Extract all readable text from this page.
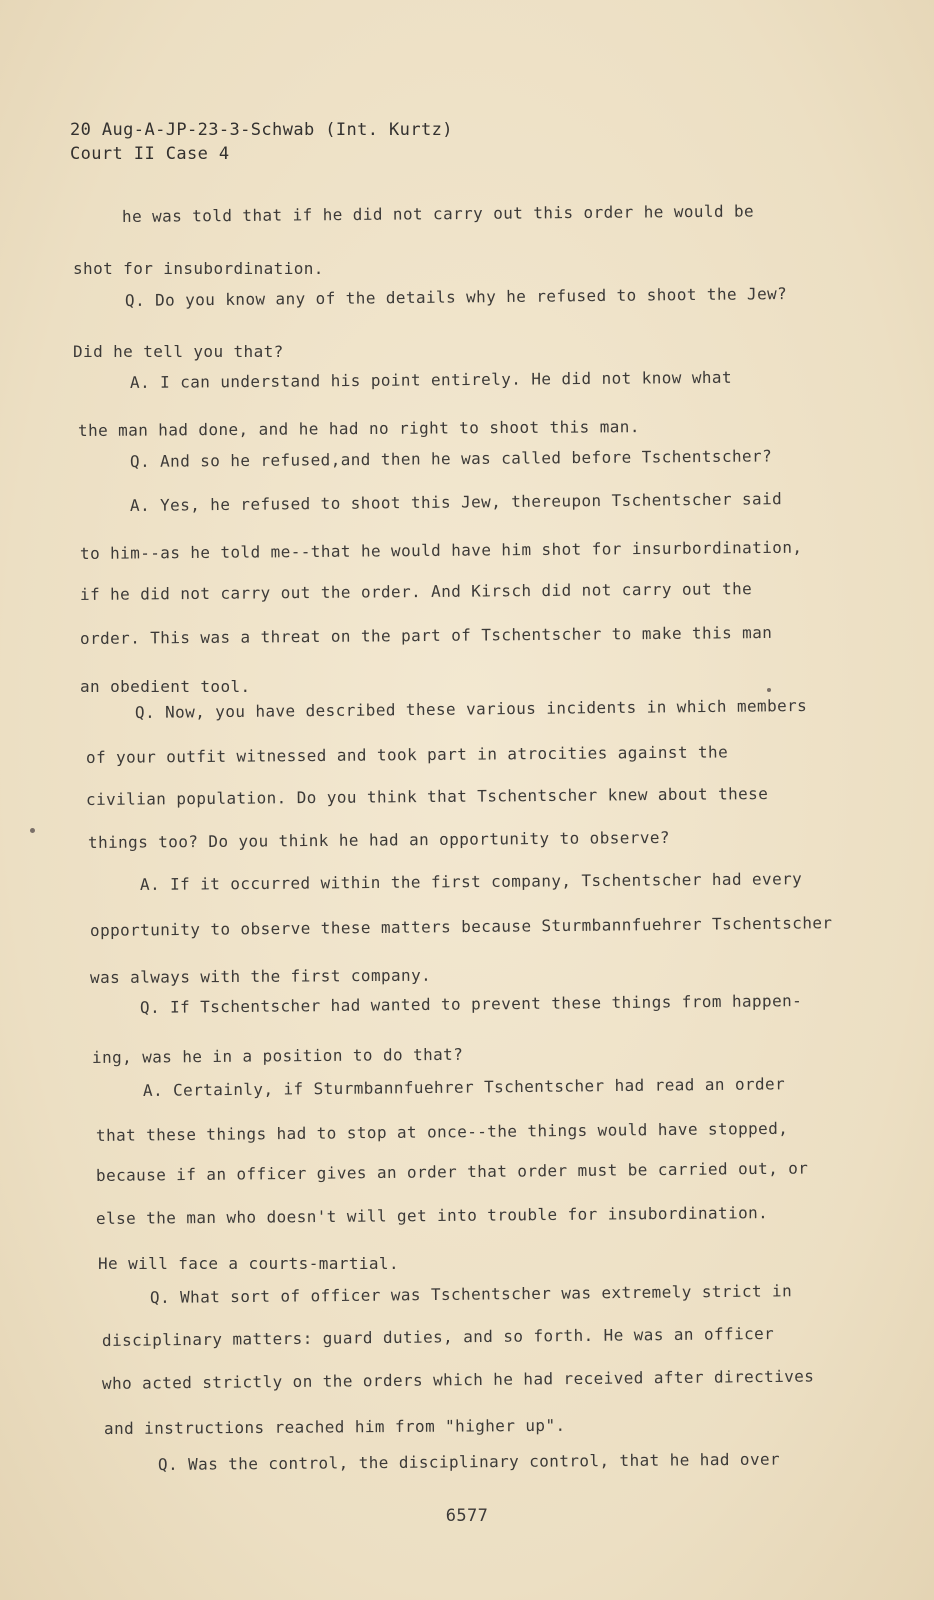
20 Aug-A-JP-23-3-Schwab (Int. Kurtz)
Court II Case 4
he was told that if he did not carry out this order he would be
shot for insubordination.
Q. Do you know any of the details why he refused to shoot the Jew?
Did he tell you that?
A. I can understand his point entirely. He did not know what
the man had done, and he had no right to shoot this man.
Q. And so he refused,and then he was called before Tschentscher?
A. Yes, he refused to shoot this Jew, thereupon Tschentscher said
to him--as he told me--that he would have him shot for insurbordination,
if he did not carry out the order. And Kirsch did not carry out the
order. This was a threat on the part of Tschentscher to make this man
an obedient tool.
Q. Now, you have described these various incidents in which members
of your outfit witnessed and took part in atrocities against the
civilian population. Do you think that Tschentscher knew about these
things too? Do you think he had an opportunity to observe?
A. If it occurred within the first company, Tschentscher had every
opportunity to observe these matters because Sturmbannfuehrer Tschentscher
was always with the first company.
Q. If Tschentscher had wanted to prevent these things from happen-
ing, was he in a position to do that?
A. Certainly, if Sturmbannfuehrer Tschentscher had read an order
that these things had to stop at once--the things would have stopped,
because if an officer gives an order that order must be carried out, or
else the man who doesn't will get into trouble for insubordination.
He will face a courts-martial.
Q. What sort of officer was Tschentscher was extremely strict in
disciplinary matters: guard duties, and so forth. He was an officer
who acted strictly on the orders which he had received after directives
and instructions reached him from "higher up".
Q. Was the control, the disciplinary control, that he had over
6577
